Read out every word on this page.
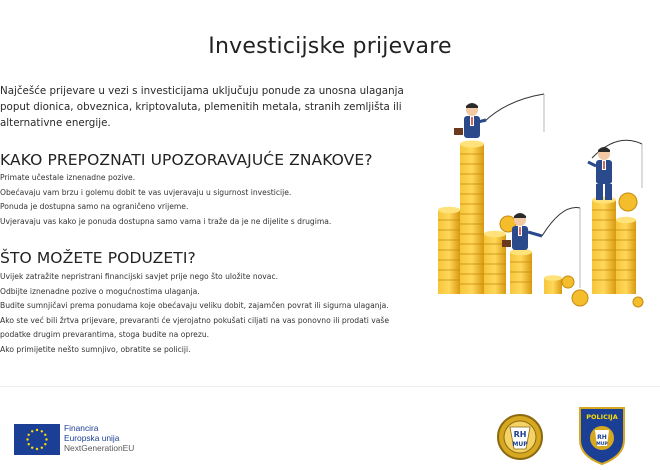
Investicijske prijevare
Najčešće prijevare u vezi s investicijama uključuju ponude za unosna ulaganja
poput dionica, obveznica, kriptovaluta, plemenitih metala, stranih zemljišta ili
alternativne energije.
KAKO PREPOZNATI UPOZORAVAJUĆE ZNAKOVE?
Primate učestale iznenadne pozive.
Obećavaju vam brzu i golemu dobit te vas uvjeravaju u sigurnost investicije.
Ponuda je dostupna samo na ograničeno vrijeme.
Uvjeravaju vas kako je ponuda dostupna samo vama i traže da je ne dijelite s drugima.
ŠTO MOŽETE PODUZETI?
Uvijek zatražite nepristrani financijski savjet prije nego što uložite novac.
Odbijte iznenadne pozive o mogućnostima ulaganja.
Budite sumnjičavi prema ponudama koje obećavaju veliku dobit, zajamčen povrat ili sigurna ulaganja.
Ako ste već bili žrtva prijevare, prevaranti će vjerojatno pokušati ciljati na vas ponovno ili prodati vaše
podatke drugim prevarantima, stoga budite na oprezu.
Ako primijetite nešto sumnjivo, obratite se policiji.
Financira
Europska unija
NextGenerationEU
RH
MUP
POLICIJA
RH
MUP
